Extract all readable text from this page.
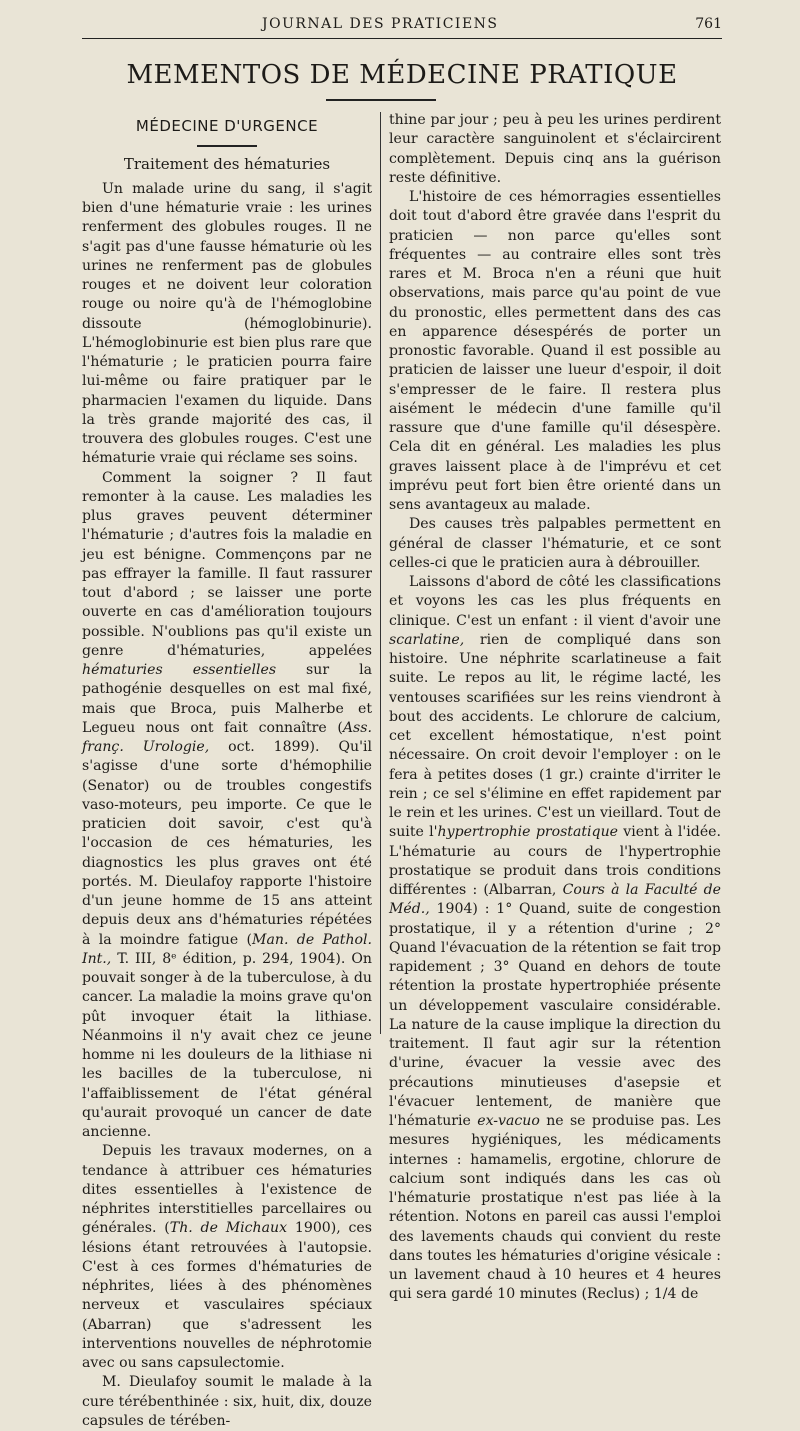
JOURNAL DES PRATICIENS	761
MEMENTOS DE MÉDECINE PRATIQUE
MÉDECINE D'URGENCE
Traitement des hématuries

Un malade urine du sang, il s'agit bien d'une hématurie vraie : les urines renferment des globules rouges. Il ne s'agit pas d'une fausse hématurie où les urines ne renferment pas de globules rouges et ne doivent leur coloration rouge ou noire qu'à de l'hémoglobine dissoute (hémoglobinurie). L'hémoglobinurie est bien plus rare que l'hématurie ; le praticien pourra faire lui-même ou faire pratiquer par le pharmacien l'examen du liquide. Dans la très grande majorité des cas, il trouvera des globules rouges. C'est une hématurie vraie qui réclame ses soins.

Comment la soigner ? Il faut remonter à la cause. Les maladies les plus graves peuvent déterminer l'hématurie ; d'autres fois la maladie en jeu est bénigne. Commençons par ne pas effrayer la famille. Il faut rassurer tout d'abord ; se laisser une porte ouverte en cas d'amélioration toujours possible. N'oublions pas qu'il existe un genre d'hématuries, appelées hématuries essentielles sur la pathogénie desquelles on est mal fixé, mais que Broca, puis Malherbe et Legueu nous ont fait connaître (Ass. franç. Urologie, oct. 1899). Qu'il s'agisse d'une sorte d'hémophilie (Senator) ou de troubles congestifs vaso-moteurs, peu importe. Ce que le praticien doit savoir, c'est qu'à l'occasion de ces hématuries, les diagnostics les plus graves ont été portés. M. Dieulafoy rapporte l'histoire d'un jeune homme de 15 ans atteint depuis deux ans d'hématuries répétées à la moindre fatigue (Man. de Pathol. Int., T. III, 8ᵉ édition, p. 294, 1904). On pouvait songer à de la tuberculose, à du cancer. La maladie la moins grave qu'on pût invoquer était la lithiase. Néanmoins il n'y avait chez ce jeune homme ni les douleurs de la lithiase ni les bacilles de la tuberculose, ni l'affaiblissement de l'état général qu'aurait provoqué un cancer de date ancienne.

Depuis les travaux modernes, on a tendance à attribuer ces hématuries dites essentielles à l'existence de néphrites interstitielles parcellaires ou générales. (Th. de Michaux 1900), ces lésions étant retrouvées à l'autopsie. C'est à ces formes d'hématuries de néphrites, liées à des phénomènes nerveux et vasculaires spéciaux (Abarran) que s'adressent les interventions nouvelles de néphrotomie avec ou sans capsulectomie.

M. Dieulafoy soumit le malade à la cure térébenthinée : six, huit, dix, douze capsules de térében-

thine par jour ; peu à peu les urines perdirent leur caractère sanguinolent et s'éclaircirent complètement. Depuis cinq ans la guérison reste définitive.

L'histoire de ces hémorragies essentielles doit tout d'abord être gravée dans l'esprit du praticien — non parce qu'elles sont fréquentes — au contraire elles sont très rares et M. Broca n'en a réuni que huit observations, mais parce qu'au point de vue du pronostic, elles permettent dans des cas en apparence désespérés de porter un pronostic favorable. Quand il est possible au praticien de laisser une lueur d'espoir, il doit s'empresser de le faire. Il restera plus aisément le médecin d'une famille qu'il rassure que d'une famille qu'il désespère. Cela dit en général. Les maladies les plus graves laissent place à de l'imprévu et cet imprévu peut fort bien être orienté dans un sens avantageux au malade.

Des causes très palpables permettent en général de classer l'hématurie, et ce sont celles-ci que le praticien aura à débrouiller.

Laissons d'abord de côté les classifications et voyons les cas les plus fréquents en clinique. C'est un enfant : il vient d'avoir une scarlatine, rien de compliqué dans son histoire. Une néphrite scarlatineuse a fait suite. Le repos au lit, le régime lacté, les ventouses scarifiées sur les reins viendront à bout des accidents. Le chlorure de calcium, cet excellent hémostatique, n'est point nécessaire. On croit devoir l'employer : on le fera à petites doses (1 gr.) crainte d'irriter le rein ; ce sel s'élimine en effet rapidement par le rein et les urines. C'est un vieillard. Tout de suite l'hypertrophie prostatique vient à l'idée. L'hématurie au cours de l'hypertrophie prostatique se produit dans trois conditions différentes : (Albarran, Cours à la Faculté de Méd., 1904) : 1° Quand, suite de congestion prostatique, il y a rétention d'urine ; 2° Quand l'évacuation de la rétention se fait trop rapidement ; 3° Quand en dehors de toute rétention la prostate hypertrophiée présente un développement vasculaire considérable. La nature de la cause implique la direction du traitement. Il faut agir sur la rétention d'urine, évacuer la vessie avec des précautions minutieuses d'asepsie et l'évacuer lentement, de manière que l'hématurie ex-vacuo ne se produise pas. Les mesures hygiéniques, les médicaments internes : hamamelis, ergotine, chlorure de calcium sont indiqués dans les cas où l'hématurie prostatique n'est pas liée à la rétention. Notons en pareil cas aussi l'emploi des lavements chauds qui convient du reste dans toutes les hématuries d'origine vésicale : un lavement chaud à 10 heures et 4 heures qui sera gardé 10 minutes (Reclus) ; 1/4 de
